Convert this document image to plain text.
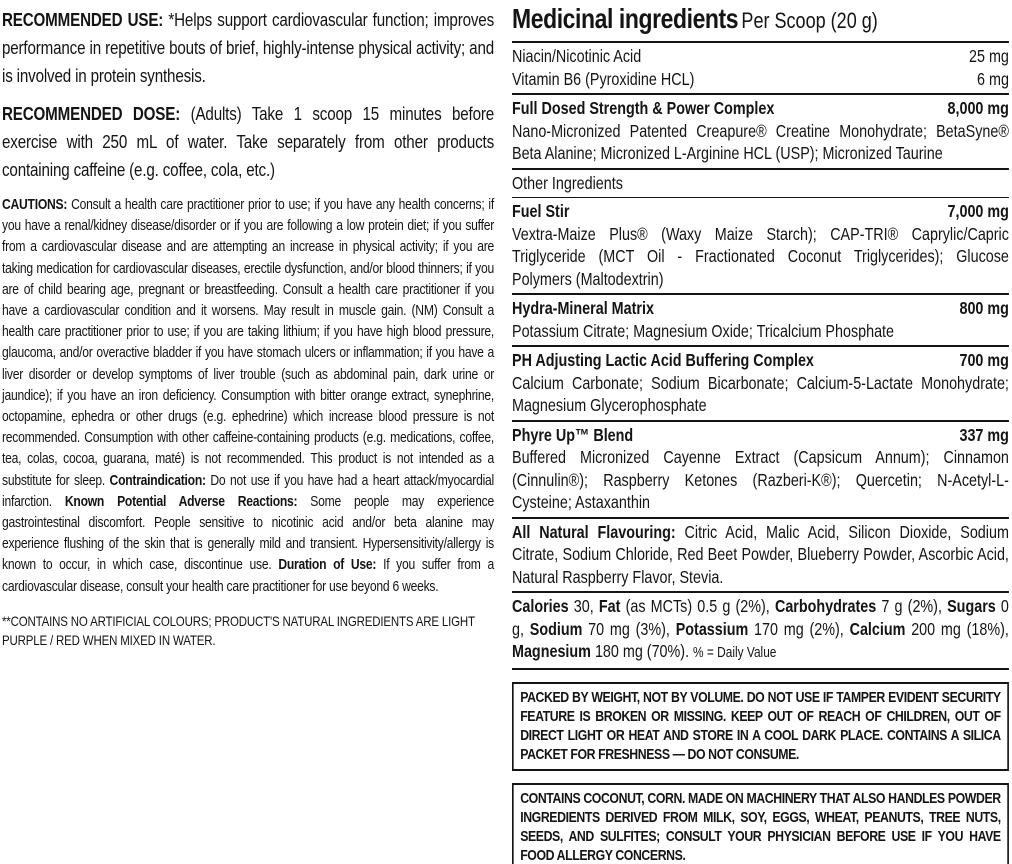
RECOMMENDED USE: *Helps support cardiovascular function; improves performance in repetitive bouts of brief, highly-intense physical activity; and is involved in protein synthesis.

RECOMMENDED DOSE: (Adults) Take 1 scoop 15 minutes before exercise with 250 mL of water. Take separately from other products containing caffeine (e.g. coffee, cola, etc.)

CAUTIONS: Consult a health care practitioner prior to use; if you have any health concerns; if you have a renal/kidney disease/disorder or if you are following a low protein diet; if you suffer from a cardiovascular disease and are attempting an increase in physical activity; if you are taking medication for cardiovascular diseases, erectile dysfunction, and/or blood thinners; if you are of child bearing age, pregnant or breastfeeding. Consult a health care practitioner if you have a cardiovascular condition and it worsens. May result in muscle gain. (NM) Consult a health care practitioner prior to use; if you are taking lithium; if you have high blood pressure, glaucoma, and/or overactive bladder if you have stomach ulcers or inflammation; if you have a liver disorder or develop symptoms of liver trouble (such as abdominal pain, dark urine or jaundice); if you have an iron deficiency. Consumption with bitter orange extract, synephrine, octopamine, ephedra or other drugs (e.g. ephedrine) which increase blood pressure is not recommended. Consumption with other caffeine-containing products (e.g. medications, coffee, tea, colas, cocoa, guarana, maté) is not recommended. This product is not intended as a substitute for sleep. Contraindication: Do not use if you have had a heart attack/myocardial infarction. Known Potential Adverse Reactions: Some people may experience gastrointestinal discomfort. People sensitive to nicotinic acid and/or beta alanine may experience flushing of the skin that is generally mild and transient. Hypersensitivity/allergy is known to occur, in which case, discontinue use. Duration of Use: If you suffer from a cardiovascular disease, consult your health care practitioner for use beyond 6 weeks.

**CONTAINS NO ARTIFICIAL COLOURS; PRODUCT'S NATURAL INGREDIENTS ARE LIGHT PURPLE / RED WHEN MIXED IN WATER.

Medicinal ingredients Per Scoop (20 g)
Niacin/Nicotinic Acid	25 mg
Vitamin B6 (Pyroxidine HCL)	6 mg
Full Dosed Strength & Power Complex	8,000 mg
Nano-Micronized Patented Creapure® Creatine Monohydrate; BetaSyne® Beta Alanine; Micronized L-Arginine HCL (USP); Micronized Taurine
Other Ingredients
Fuel Stir	7,000 mg
Vextra-Maize Plus® (Waxy Maize Starch); CAP-TRI® Caprylic/Capric Triglyceride (MCT Oil - Fractionated Coconut Triglycerides); Glucose Polymers (Maltodextrin)
Hydra-Mineral Matrix	800 mg
Potassium Citrate; Magnesium Oxide; Tricalcium Phosphate
PH Adjusting Lactic Acid Buffering Complex	700 mg
Calcium Carbonate; Sodium Bicarbonate; Calcium-5-Lactate Monohydrate; Magnesium Glycerophosphate
Phyre Up™ Blend	337 mg
Buffered Micronized Cayenne Extract (Capsicum Annum); Cinnamon (Cinnulin®); Raspberry Ketones (Razberi-K®); Quercetin; N-Acetyl-L-Cysteine; Astaxanthin

All Natural Flavouring: Citric Acid, Malic Acid, Silicon Dioxide, Sodium Citrate, Sodium Chloride, Red Beet Powder, Blueberry Powder, Ascorbic Acid, Natural Raspberry Flavor, Stevia.

Calories 30, Fat (as MCTs) 0.5 g (2%), Carbohydrates 7 g (2%), Sugars 0 g, Sodium 70 mg (3%), Potassium 170 mg (2%), Calcium 200 mg (18%), Magnesium 180 mg (70%). % = Daily Value

PACKED BY WEIGHT, NOT BY VOLUME. DO NOT USE IF TAMPER EVIDENT SECURITY FEATURE IS BROKEN OR MISSING. KEEP OUT OF REACH OF CHILDREN, OUT OF DIRECT LIGHT OR HEAT AND STORE IN A COOL DARK PLACE. CONTAINS A SILICA PACKET FOR FRESHNESS — DO NOT CONSUME.
CONTAINS COCONUT, CORN. MADE ON MACHINERY THAT ALSO HANDLES POWDER INGREDIENTS DERIVED FROM MILK, SOY, EGGS, WHEAT, PEANUTS, TREE NUTS, SEEDS, AND SULFITES; CONSULT YOUR PHYSICIAN BEFORE USE IF YOU HAVE FOOD ALLERGY CONCERNS.
